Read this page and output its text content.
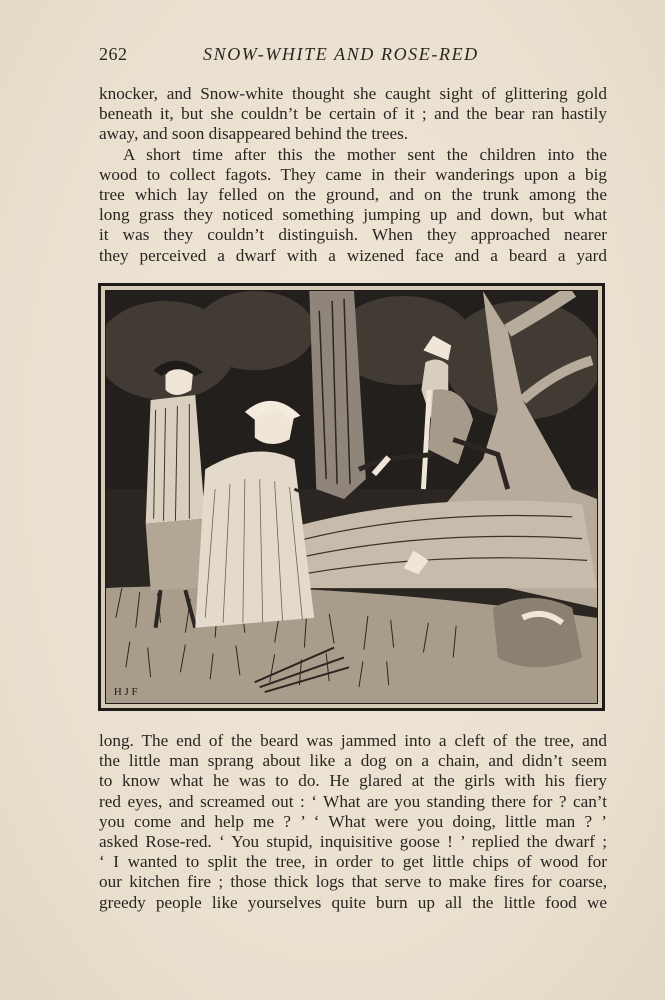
262	SNOW-WHITE AND ROSE-RED
knocker, and Snow-white thought she caught sight of glittering gold
beneath it, but she couldn’t be certain of it ; and the bear ran hastily
away, and soon disappeared behind the trees.
A short time after this the mother sent the children into the
wood to collect fagots. They came in their wanderings upon a big
tree which lay felled on the ground, and on the trunk among the
long grass they noticed something jumping up and down, but what
it was they couldn’t distinguish. When they approached nearer
they perceived a dwarf with a wizened face and a beard a yard
H J F
long. The end of the beard was jammed into a cleft of the tree, and
the little man sprang about like a dog on a chain, and didn’t seem
to know what he was to do. He glared at the girls with his fiery
red eyes, and screamed out : ‘ What are you standing there for ? can’t
you come and help me ? ’ ‘ What were you doing, little man ? ’
asked Rose-red. ‘ You stupid, inquisitive goose ! ’ replied the dwarf ;
‘ I wanted to split the tree, in order to get little chips of wood for
our kitchen fire ; those thick logs that serve to make fires for coarse,
greedy people like yourselves quite burn up all the little food we
